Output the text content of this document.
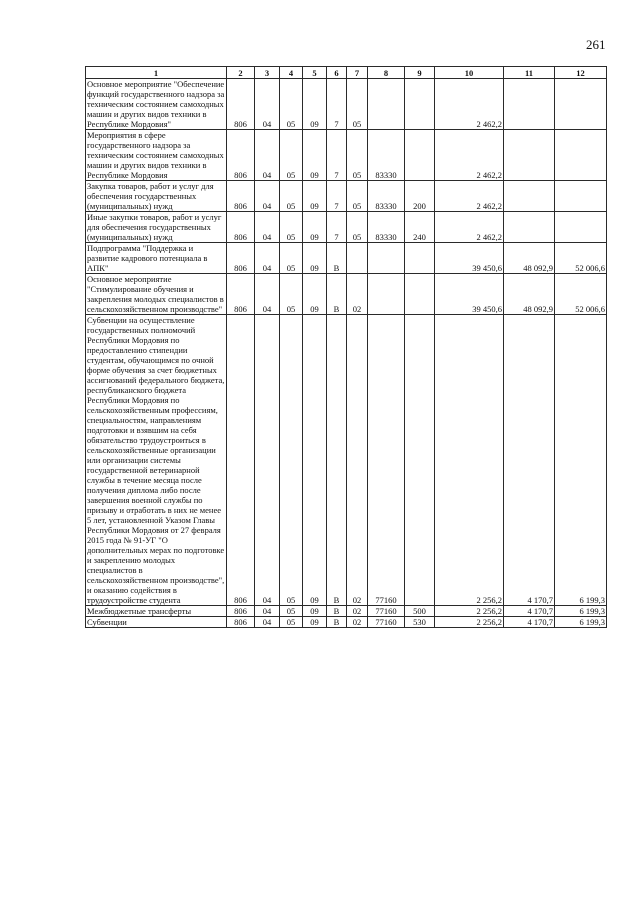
261
1	2	3	4	5	6	7	8	9	10	11	12
Основное мероприятие "Обеспечение функций государственного надзора за техническим состоянием самоходных машин и других видов техники в Республике Мордовия"	806	04	05	09	7	05			2 462,2		
Мероприятия в сфере государственного надзора за техническим состоянием самоходных машин и других видов техники в Республике Мордовия	806	04	05	09	7	05	83330		2 462,2		
Закупка товаров, работ и услуг для обеспечения государственных (муниципальных) нужд	806	04	05	09	7	05	83330	200	2 462,2		
Иные закупки товаров, работ и услуг для обеспечения государственных (муниципальных) нужд	806	04	05	09	7	05	83330	240	2 462,2		
Подпрограмма "Поддержка и развитие кадрового потенциала в АПК"	806	04	05	09	В				39 450,6	48 092,9	52 006,6
Основное мероприятие "Стимулирование обучения и закрепления молодых специалистов в сельскохозяйственном производстве"	806	04	05	09	В	02			39 450,6	48 092,9	52 006,6
Субвенции на осуществление государственных полномочий Республики Мордовия по предоставлению стипендии студентам, обучающимся по очной форме обучения за счет бюджетных ассигнований федерального бюджета, республиканского бюджета Республики Мордовия по сельскохозяйственным профессиям, специальностям, направлениям подготовки и взявшим на себя обязательство трудоустроиться в сельскохозяйственные организации или организации системы государственной ветеринарной службы в течение месяца после получения диплома либо после завершения военной службы по призыву и отработать в них не менее 5 лет, установленной Указом Главы Республики Мордовия от 27 февраля 2015 года № 91-УГ "О дополнительных мерах по подготовке и закреплению молодых специалистов в сельскохозяйственном производстве", и оказанию содействия в трудоустройстве студента	806	04	05	09	В	02	77160		2 256,2	4 170,7	6 199,3
Межбюджетные трансферты	806	04	05	09	В	02	77160	500	2 256,2	4 170,7	6 199,3
Субвенции	806	04	05	09	В	02	77160	530	2 256,2	4 170,7	6 199,3
